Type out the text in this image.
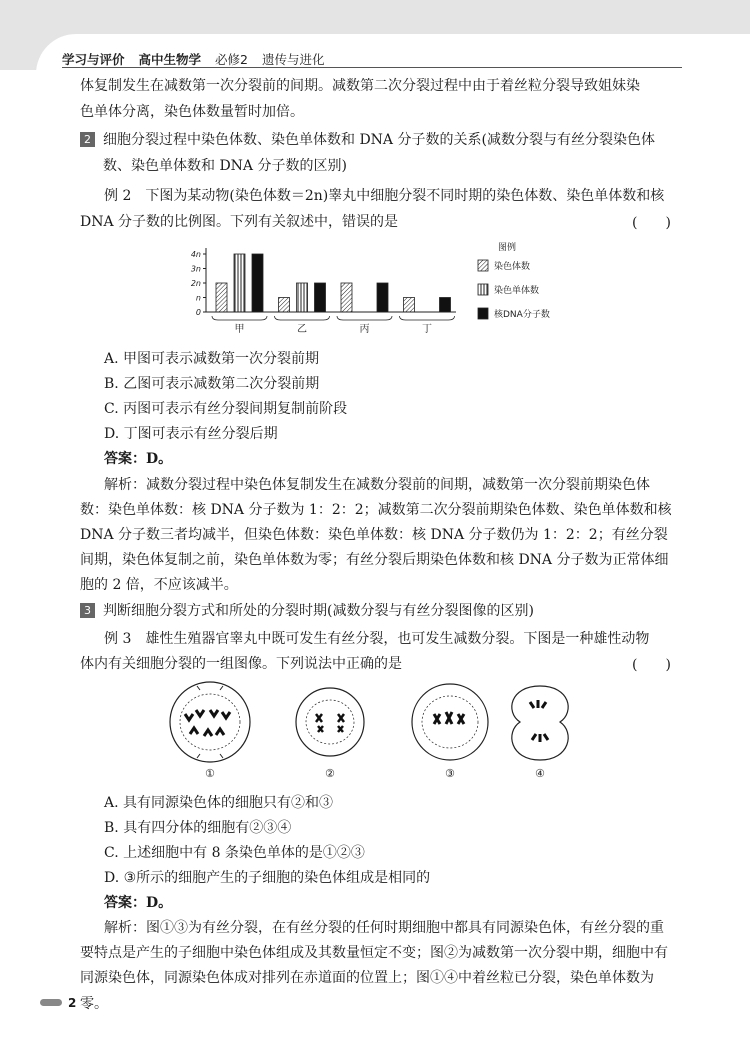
学习与评价 高中生物学 必修2 遗传与进化
体复制发生在减数第一次分裂前的间期。减数第二次分裂过程中由于着丝粒分裂导致姐妹染
色单体分离，染色体数量暂时加倍。
2 细胞分裂过程中染色体数、染色单体数和 DNA 分子数的关系(减数分裂与有丝分裂染色体
数、染色单体数和 DNA 分子数的区别)
例 2　下图为某动物(染色体数＝2n)睾丸中细胞分裂不同时期的染色体数、染色单体数和核
DNA 分子数的比例图。下列有关叙述中，错误的是	(　　)
0
n
2n
3n
4n
甲	乙	丙	丁
图例
染色体数
染色单体数
核DNA分子数
A. 甲图可表示减数第一次分裂前期
B. 乙图可表示减数第二次分裂前期
C. 丙图可表示有丝分裂间期复制前阶段
D. 丁图可表示有丝分裂后期
答案：D。
解析：减数分裂过程中染色体复制发生在减数分裂前的间期，减数第一次分裂前期染色体
数：染色单体数：核 DNA 分子数为 1：2：2；减数第二次分裂前期染色体数、染色单体数和核
DNA 分子数三者均减半，但染色体数：染色单体数：核 DNA 分子数仍为 1：2：2；有丝分裂
间期，染色体复制之前，染色单体数为零；有丝分裂后期染色体数和核 DNA 分子数为正常体细
胞的 2 倍，不应该减半。
3 判断细胞分裂方式和所处的分裂时期(减数分裂与有丝分裂图像的区别)
例 3　雄性生殖器官睾丸中既可发生有丝分裂，也可发生减数分裂。下图是一种雄性动物
体内有关细胞分裂的一组图像。下列说法中正确的是	(　　)
①	②	③	④
A. 具有同源染色体的细胞只有②和③
B. 具有四分体的细胞有②③④
C. 上述细胞中有 8 条染色单体的是①②③
D. ③所示的细胞产生的子细胞的染色体组成是相同的
答案：D。
解析：图①③为有丝分裂，在有丝分裂的任何时期细胞中都具有同源染色体，有丝分裂的重
要特点是产生的子细胞中染色体组成及其数量恒定不变；图②为减数第一次分裂中期，细胞中有
同源染色体，同源染色体成对排列在赤道面的位置上；图①④中着丝粒已分裂，染色单体数为零。
2
